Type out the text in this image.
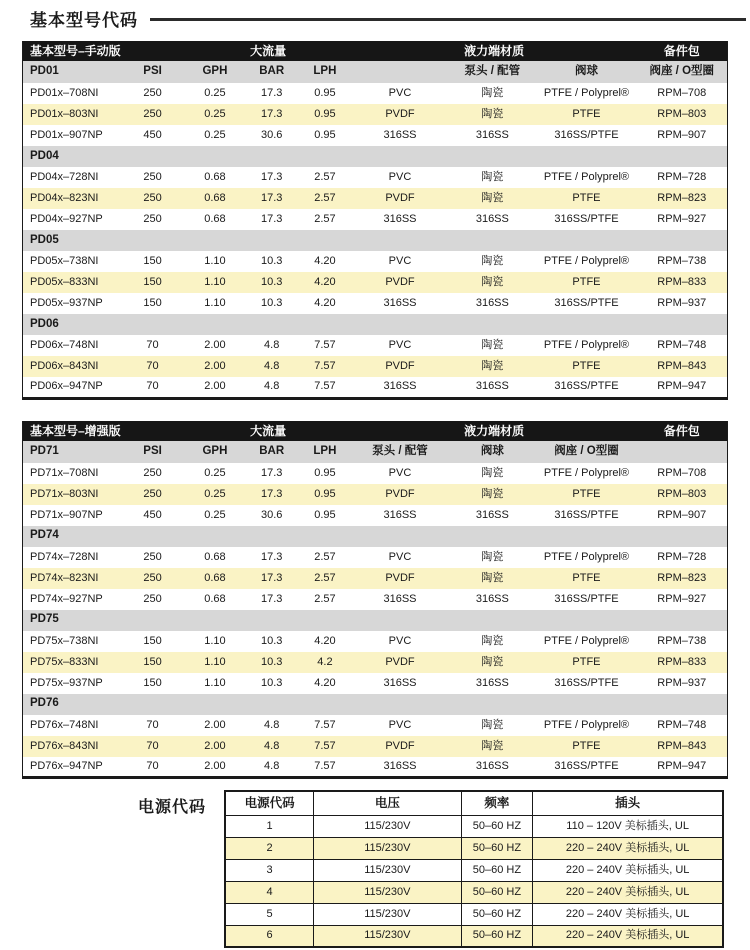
基本型号代码
基本型号–手动版		大流量			液力端材质			备件包
PD01	PSI	GPH	BAR	LPH		泵头 / 配管	阀球	阀座 / O型圈
PD01x–708NI	250	0.25	17.3	0.95	PVC	陶瓷	PTFE / Polyprel®	RPM–708
PD01x–803NI	250	0.25	17.3	0.95	PVDF	陶瓷	PTFE	RPM–803
PD01x–907NP	450	0.25	30.6	0.95	316SS	316SS	316SS/PTFE	RPM–907
PD04								
PD04x–728NI	250	0.68	17.3	2.57	PVC	陶瓷	PTFE / Polyprel®	RPM–728
PD04x–823NI	250	0.68	17.3	2.57	PVDF	陶瓷	PTFE	RPM–823
PD04x–927NP	250	0.68	17.3	2.57	316SS	316SS	316SS/PTFE	RPM–927
PD05								
PD05x–738NI	150	1.10	10.3	4.20	PVC	陶瓷	PTFE / Polyprel®	RPM–738
PD05x–833NI	150	1.10	10.3	4.20	PVDF	陶瓷	PTFE	RPM–833
PD05x–937NP	150	1.10	10.3	4.20	316SS	316SS	316SS/PTFE	RPM–937
PD06								
PD06x–748NI	70	2.00	4.8	7.57	PVC	陶瓷	PTFE / Polyprel®	RPM–748
PD06x–843NI	70	2.00	4.8	7.57	PVDF	陶瓷	PTFE	RPM–843
PD06x–947NP	70	2.00	4.8	7.57	316SS	316SS	316SS/PTFE	RPM–947
基本型号–增强版		大流量			液力端材质			备件包
PD71	PSI	GPH	BAR	LPH	泵头 / 配管	阀球	阀座 / O型圈	
PD71x–708NI	250	0.25	17.3	0.95	PVC	陶瓷	PTFE / Polyprel®	RPM–708
PD71x–803NI	250	0.25	17.3	0.95	PVDF	陶瓷	PTFE	RPM–803
PD71x–907NP	450	0.25	30.6	0.95	316SS	316SS	316SS/PTFE	RPM–907
PD74								
PD74x–728NI	250	0.68	17.3	2.57	PVC	陶瓷	PTFE / Polyprel®	RPM–728
PD74x–823NI	250	0.68	17.3	2.57	PVDF	陶瓷	PTFE	RPM–823
PD74x–927NP	250	0.68	17.3	2.57	316SS	316SS	316SS/PTFE	RPM–927
PD75								
PD75x–738NI	150	1.10	10.3	4.20	PVC	陶瓷	PTFE / Polyprel®	RPM–738
PD75x–833NI	150	1.10	10.3	4.2	PVDF	陶瓷	PTFE	RPM–833
PD75x–937NP	150	1.10	10.3	4.20	316SS	316SS	316SS/PTFE	RPM–937
PD76								
PD76x–748NI	70	2.00	4.8	7.57	PVC	陶瓷	PTFE / Polyprel®	RPM–748
PD76x–843NI	70	2.00	4.8	7.57	PVDF	陶瓷	PTFE	RPM–843
PD76x–947NP	70	2.00	4.8	7.57	316SS	316SS	316SS/PTFE	RPM–947
电源代码	电源代码	电压	频率	插头
1	115/230V	50–60 HZ	110 – 120V 美标插头, UL
2	115/230V	50–60 HZ	220 – 240V 美标插头, UL
3	115/230V	50–60 HZ	220 – 240V 美标插头, UL
4	115/230V	50–60 HZ	220 – 240V 美标插头, UL
5	115/230V	50–60 HZ	220 – 240V 美标插头, UL
6	115/230V	50–60 HZ	220 – 240V 美标插头, UL
